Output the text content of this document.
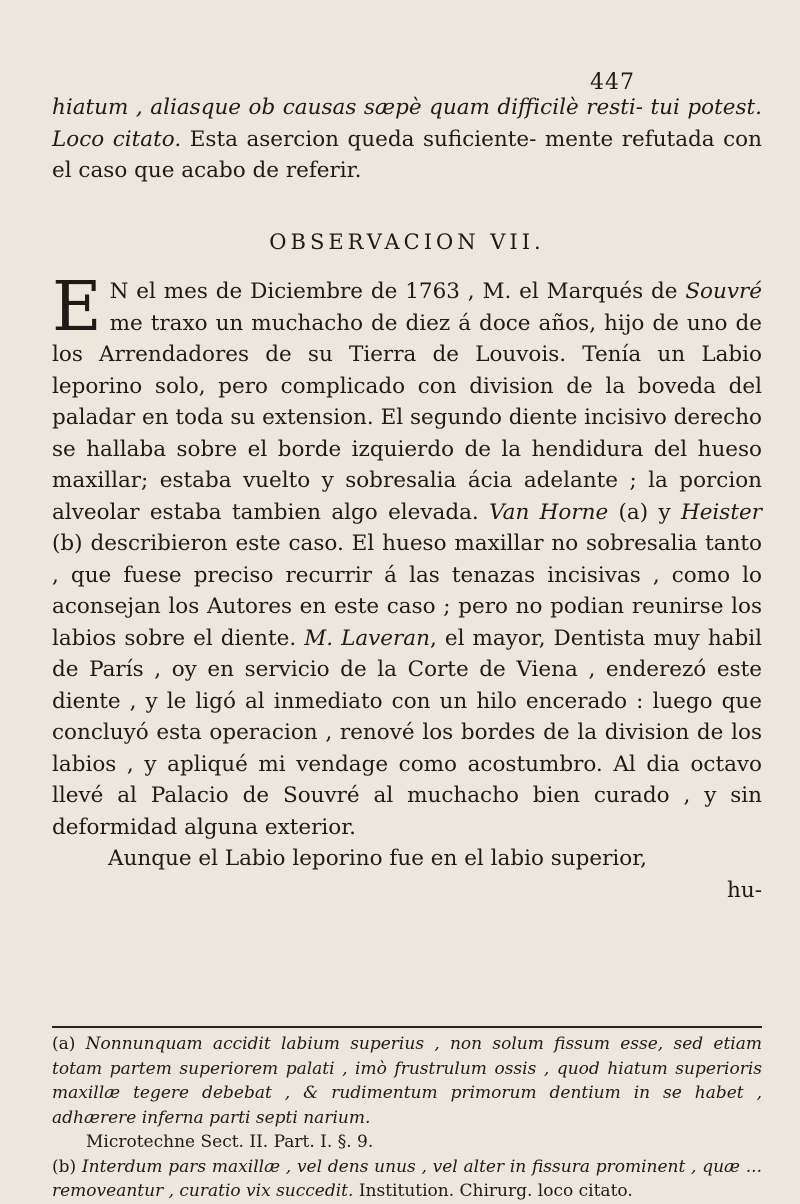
447

hiatum , aliasque ob causas sæpè quam difficilè resti- tui potest. Loco citato. Esta asercion queda suficiente- mente refutada con el caso que acabo de referir.

OBSERVACION VII.

E N el mes de Diciembre de 1763 , M. el Marqués de Souvré me traxo un muchacho de diez á doce años, hijo de uno de los Arrendadores de su Tierra de Louvois. Tenía un Labio leporino solo, pero complicado con division de la boveda del paladar en toda su extension. El segundo diente incisivo derecho se hallaba sobre el borde izquierdo de la hendidura del hueso maxillar; estaba vuelto y sobresalia ácia adelante ; la porcion alveolar estaba tambien algo elevada. Van Horne (a) y Heister (b) describieron este caso. El hueso maxillar no sobresalia tanto , que fuese preciso recurrir á las tenazas incisivas , como lo aconsejan los Autores en este caso ; pero no podian reunirse los labios sobre el diente. M. Laveran, el mayor, Dentista muy habil de París , oy en servicio de la Corte de Viena , enderezó este diente , y le ligó al inmediato con un hilo encerado : luego que concluyó esta operacion , renové los bordes de la division de los labios , y apliqué mi vendage como acostumbro. Al dia octavo llevé al Palacio de Souvré al muchacho bien curado , y sin deformidad alguna exterior.

Aunque el Labio leporino fue en el labio superior,

hu-

(a) Nonnunquam accidit labium superius , non solum fissum esse, sed etiam totam partem superiorem palati , imò frustrulum ossis , quod hiatum superioris maxillæ tegere debebat , & rudimentum primorum dentium in se habet , adhærere inferna parti septi narium.

Microtechne Sect. II. Part. I. §. 9.

(b) Interdum pars maxillæ , vel dens unus , vel alter in fissura prominent , quæ ... removeantur , curatio vix succedit. Institution. Chirurg. loco citato.
